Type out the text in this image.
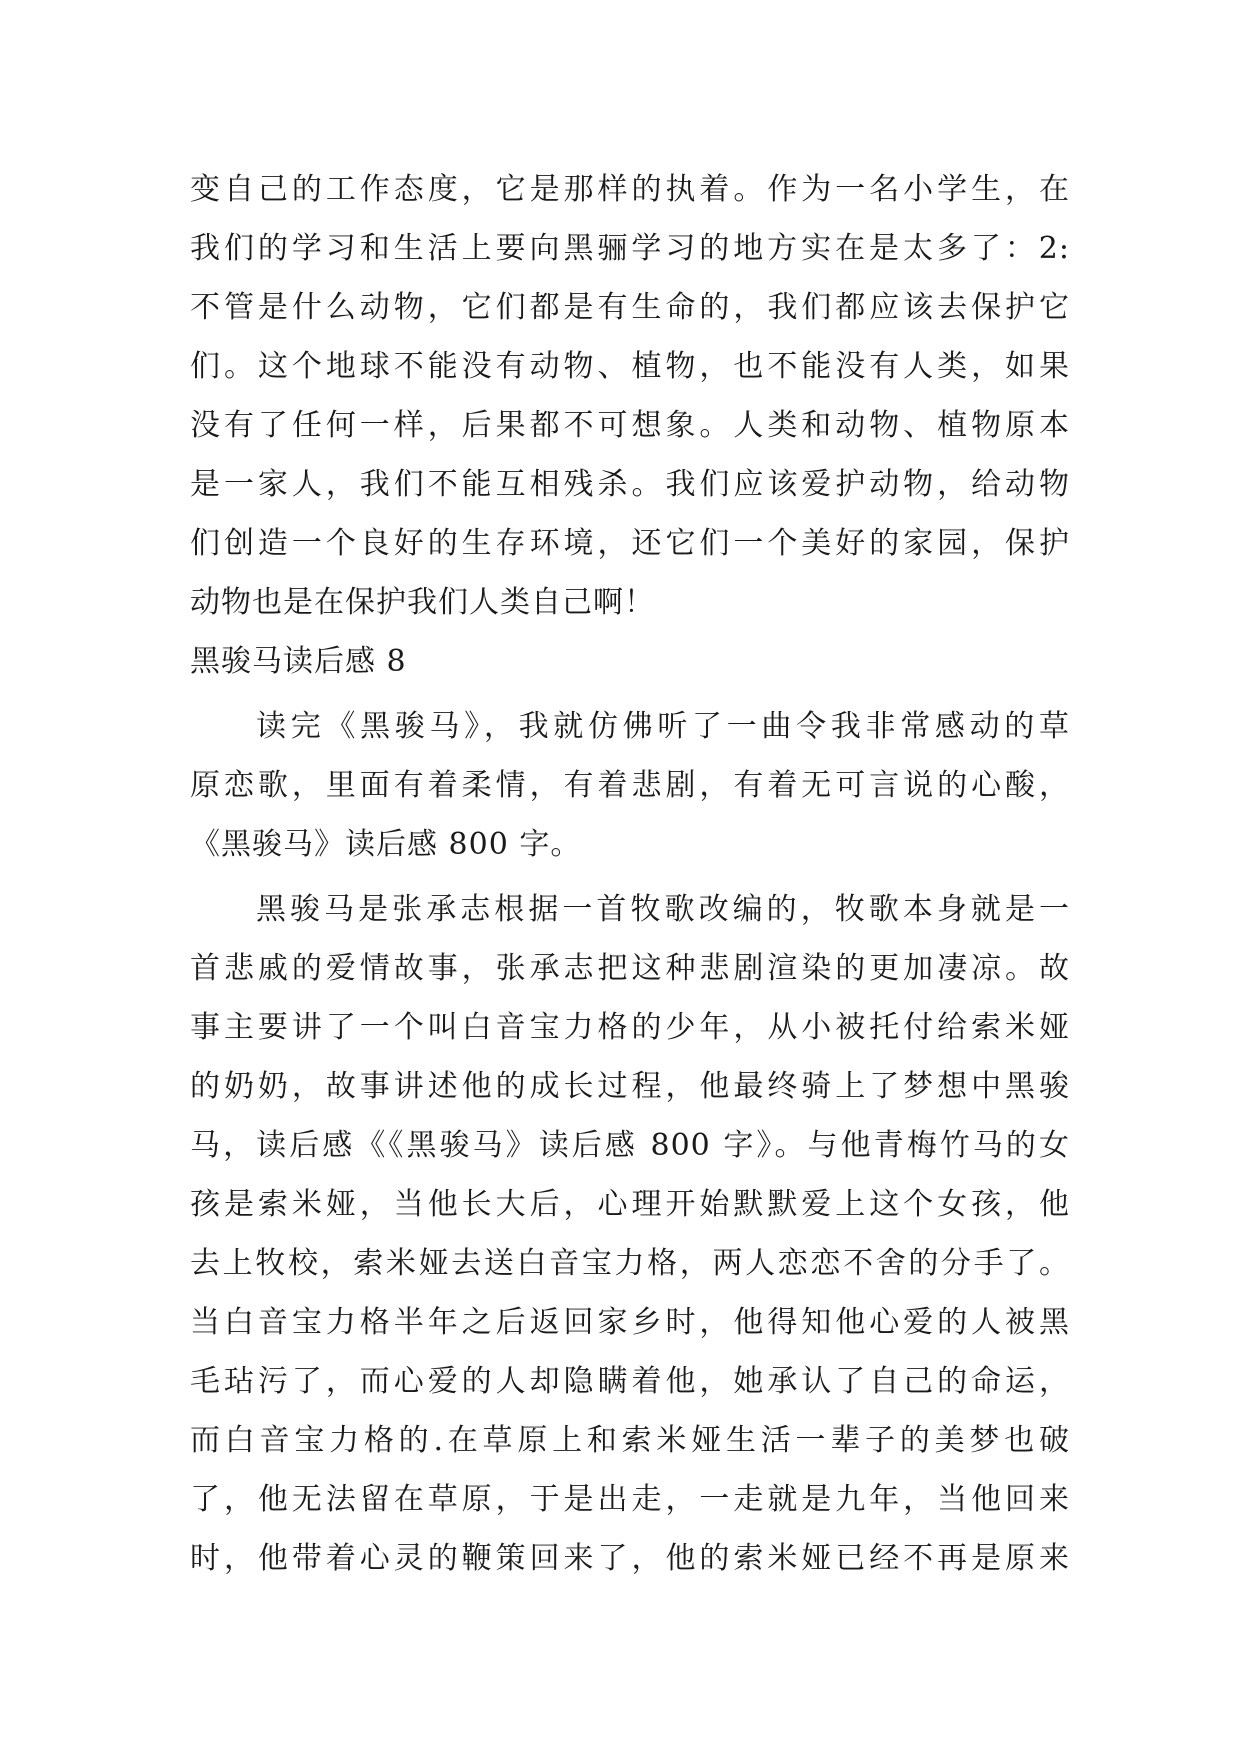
变自己的工作态度，它是那样的执着。作为一名小学生，在
我们的学习和生活上要向黑骊学习的地方实在是太多了：2:
不管是什么动物，它们都是有生命的，我们都应该去保护它
们。这个地球不能没有动物、植物，也不能没有人类，如果
没有了任何一样，后果都不可想象。人类和动物、植物原本
是一家人，我们不能互相残杀。我们应该爱护动物，给动物
们创造一个良好的生存环境，还它们一个美好的家园，保护
动物也是在保护我们人类自己啊！
黑骏马读后感 8
读完《黑骏马》，我就仿佛听了一曲令我非常感动的草
原恋歌，里面有着柔情，有着悲剧，有着无可言说的心酸，
《黑骏马》读后感 800 字。
黑骏马是张承志根据一首牧歌改编的，牧歌本身就是一
首悲戚的爱情故事，张承志把这种悲剧渲染的更加凄凉。故
事主要讲了一个叫白音宝力格的少年，从小被托付给索米娅
的奶奶，故事讲述他的成长过程，他最终骑上了梦想中黑骏
马，读后感《《黑骏马》读后感 800 字》。与他青梅竹马的女
孩是索米娅，当他长大后，心理开始默默爱上这个女孩，他
去上牧校，索米娅去送白音宝力格，两人恋恋不舍的分手了。
当白音宝力格半年之后返回家乡时，他得知他心爱的人被黑
毛玷污了，而心爱的人却隐瞒着他，她承认了自己的命运，
而白音宝力格的.在草原上和索米娅生活一辈子的美梦也破
了，他无法留在草原，于是出走，一走就是九年，当他回来
时，他带着心灵的鞭策回来了，他的索米娅已经不再是原来
